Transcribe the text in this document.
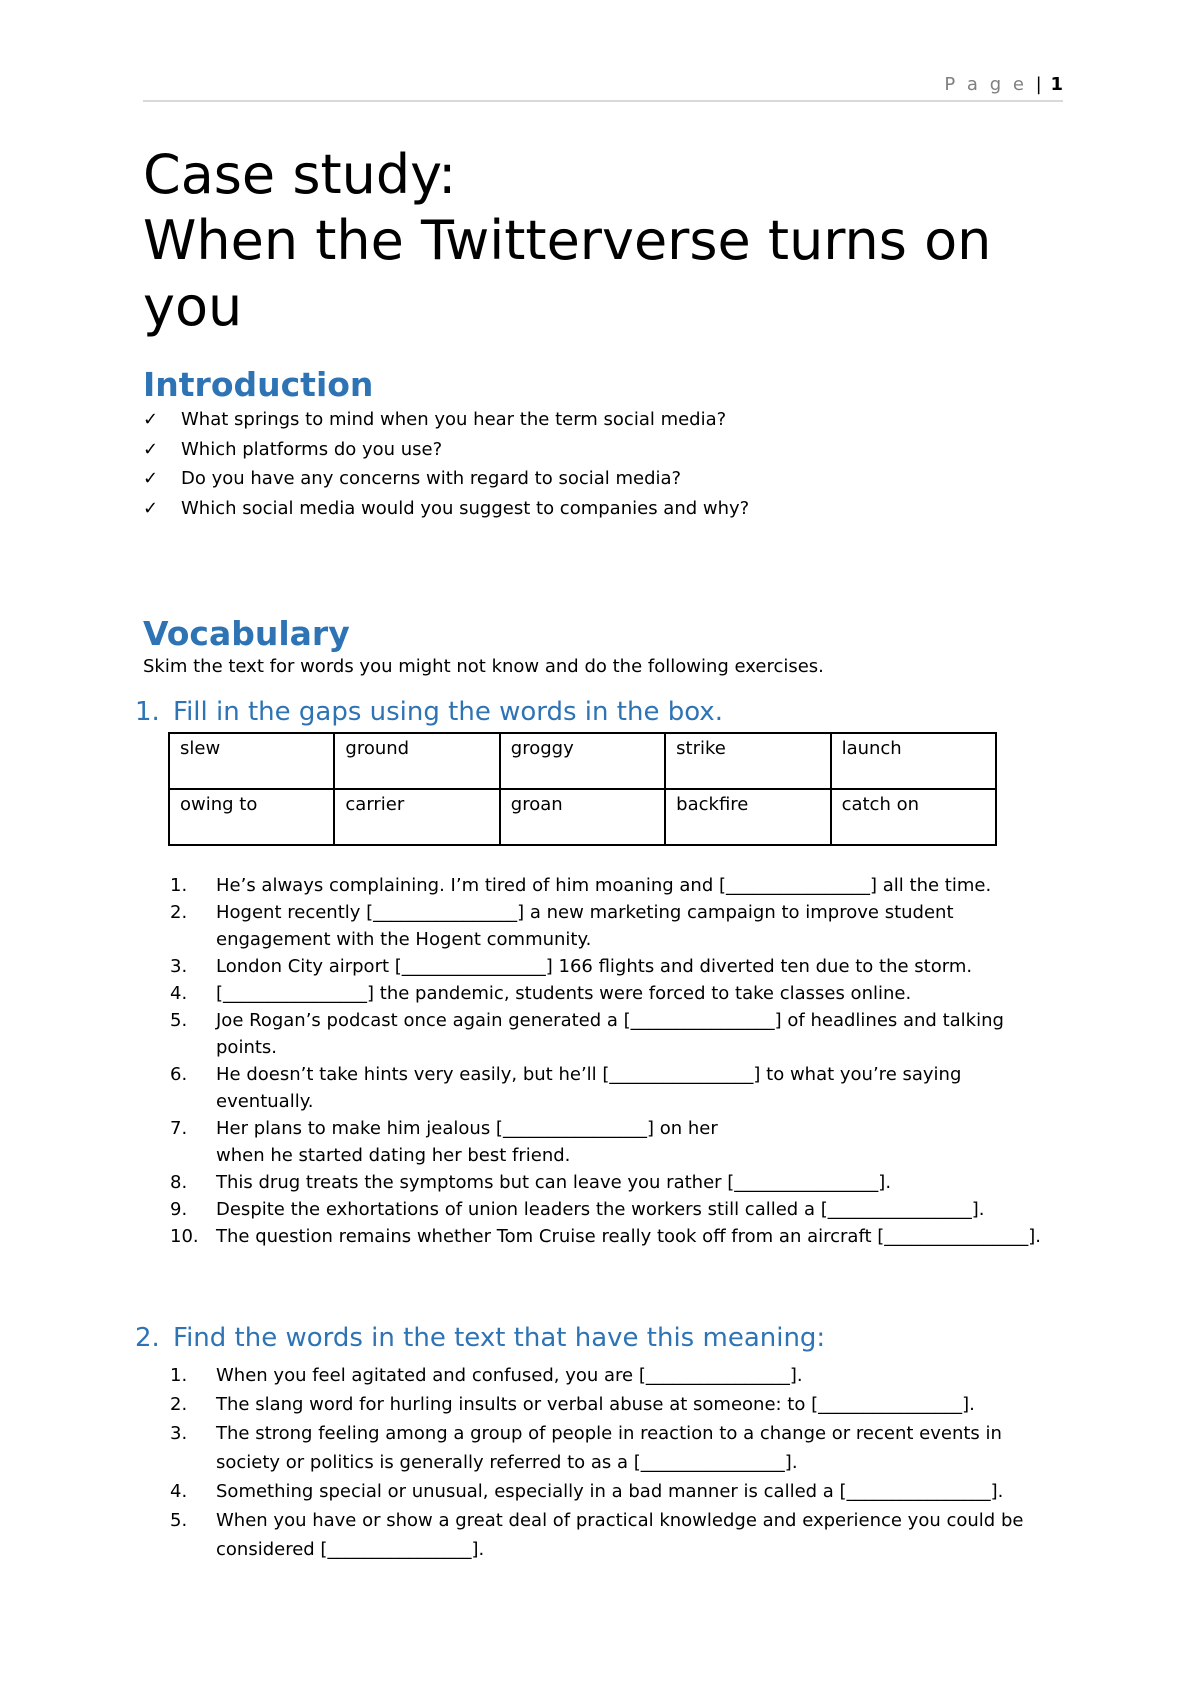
P a g e | 1
Case study:
When the Twitterverse turns on
you
Introduction
✓ What springs to mind when you hear the term social media?
✓ Which platforms do you use?
✓ Do you have any concerns with regard to social media?
✓ Which social media would you suggest to companies and why?
Vocabulary

Skim the text for words you might not know and do the following exercises.

1. Fill in the gaps using the words in the box.
slew	ground	groggy	strike	launch
owing to	carrier	groan	backfire	catch on
1.	He’s always complaining. I’m tired of him moaning and [________________] all the time.
2.	Hogent recently [________________] a new marketing campaign to improve student engagement with the Hogent community.
3.	London City airport [________________] 166 flights and diverted ten due to the storm.
4.	[________________] the pandemic, students were forced to take classes online.
5.	Joe Rogan’s podcast once again generated a [________________] of headlines and talking points.
6.	He doesn’t take hints very easily, but he’ll [________________] to what you’re saying eventually.
7.	Her plans to make him jealous [________________] on her when he started dating her best friend.
8.	This drug treats the symptoms but can leave you rather [________________].
9.	Despite the exhortations of union leaders the workers still called a [________________].
10. The question remains whether Tom Cruise really took off from an aircraft [________________].
2. Find the words in the text that have this meaning:
1.	When you feel agitated and confused, you are [________________].
2.	The slang word for hurling insults or verbal abuse at someone: to [________________].
3.	The strong feeling among a group of people in reaction to a change or recent events in society or politics is generally referred to as a [________________].
4.	Something special or unusual, especially in a bad manner is called a [________________].
5.	When you have or show a great deal of practical knowledge and experience you could be considered [________________].
